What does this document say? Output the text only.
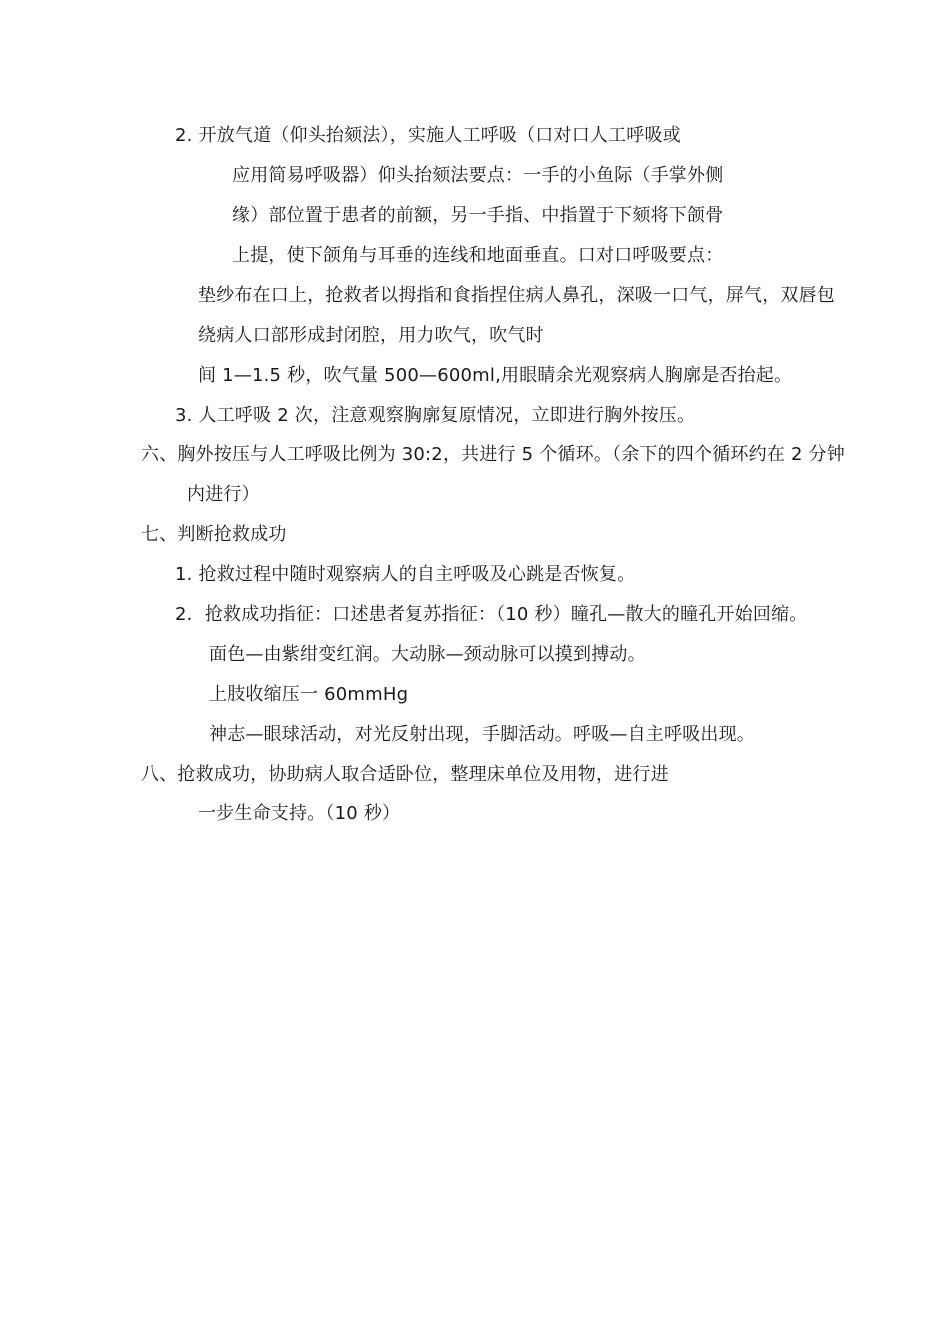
2. 开放气道（仰头抬颏法），实施人工呼吸（口对口人工呼吸或
应用简易呼吸器）仰头抬颏法要点：一手的小鱼际（手掌外侧
缘）部位置于患者的前额，另一手指、中指置于下颏将下颌骨
上提，使下颌角与耳垂的连线和地面垂直。口对口呼吸要点：
垫纱布在口上，抢救者以拇指和食指捏住病人鼻孔，深吸一口气，屏气，双唇包
绕病人口部形成封闭腔，用力吹气，吹气时
间 1—1.5 秒，吹气量 500—600ml,用眼睛余光观察病人胸廓是否抬起。
3. 人工呼吸 2 次，注意观察胸廓复原情况，立即进行胸外按压。
六、胸外按压与人工呼吸比例为 30:2，共进行 5 个循环。（余下的四个循环约在 2 分钟
内进行）
七、判断抢救成功
1. 抢救过程中随时观察病人的自主呼吸及心跳是否恢复。
2．抢救成功指征：口述患者复苏指征：（10 秒）瞳孔—散大的瞳孔开始回缩。
面色—由紫绀变红润。大动脉—颈动脉可以摸到搏动。
上肢收缩压一 60mmHg
神志—眼球活动，对光反射出现，手脚活动。呼吸—自主呼吸出现。
八、抢救成功，协助病人取合适卧位，整理床单位及用物，进行进
一步生命支持。（10 秒）
